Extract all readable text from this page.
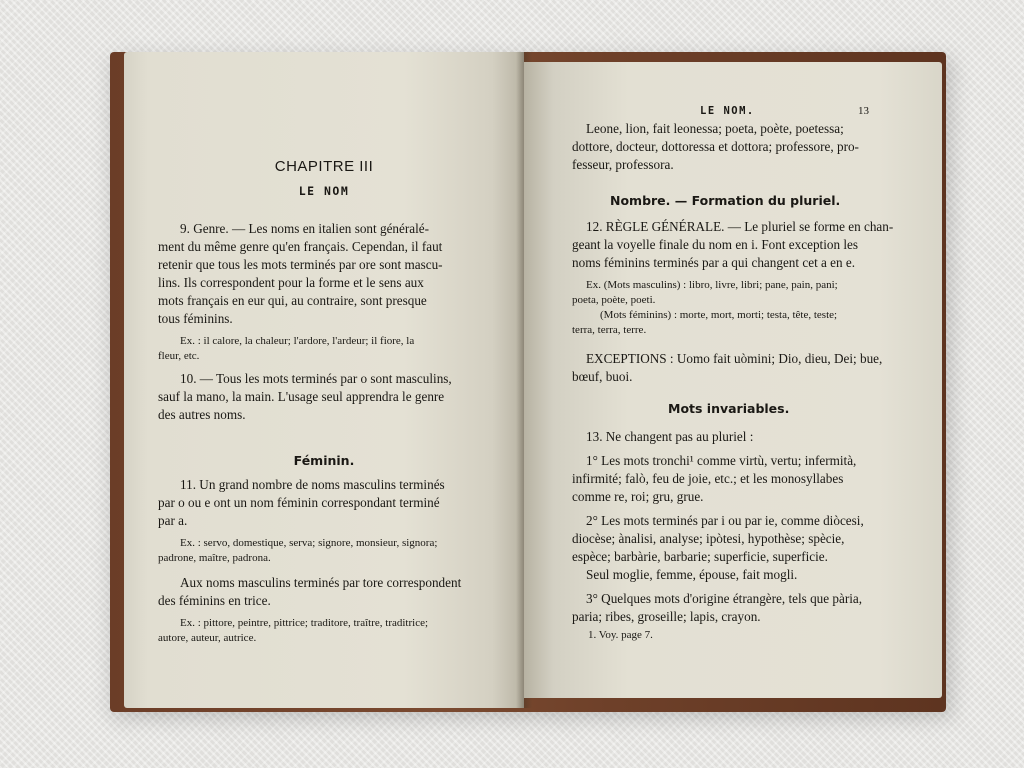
CHAPITRE III
LE NOM
9. Genre. — Les noms en italien sont généralé-
ment du même genre qu'en français. Cependan, il faut
retenir que tous les mots terminés par ore sont mascu-
lins. Ils correspondent pour la forme et le sens aux
mots français en eur qui, au contraire, sont presque
tous féminins.
Ex. : il calore, la chaleur; l'ardore, l'ardeur; il fiore, la
fleur, etc.
10. — Tous les mots terminés par o sont masculins,
sauf la mano, la main. L'usage seul apprendra le genre
des autres noms.
Féminin.
11. Un grand nombre de noms masculins terminés
par o ou e ont un nom féminin correspondant terminé
par a.
Ex. : servo, domestique, serva; signore, monsieur, signora;
padrone, maître, padrona.
Aux noms masculins terminés par tore correspondent
des féminins en trice.
Ex. : pittore, peintre, pittrice; traditore, traître, traditrice;
autore, auteur, autrice.
LE NOM.	13
Leone, lion, fait leonessa; poeta, poète, poetessa;
dottore, docteur, dottoressa et dottora; professore, pro-
fesseur, professora.
Nombre. — Formation du pluriel.
12. RÈGLE GÉNÉRALE. — Le pluriel se forme en chan-
geant la voyelle finale du nom en i. Font exception les
noms féminins terminés par a qui changent cet a en e.
Ex. (Mots masculins) : libro, livre, libri; pane, pain, pani;
poeta, poète, poeti.
(Mots féminins) : morte, mort, morti; testa, tête, teste;
terra, terra, terre.
EXCEPTIONS : Uomo fait uòmini; Dio, dieu, Dei; bue,
bœuf, buoi.
Mots invariables.
13. Ne changent pas au pluriel :
1° Les mots tronchi¹ comme virtù, vertu; infermità,
infirmité; falò, feu de joie, etc.; et les monosyllabes
comme re, roi; gru, grue.
2° Les mots terminés par i ou par ie, comme diòcesi,
diocèse; ànalisi, analyse; ipòtesi, hypothèse; spècie,
espèce; barbàrie, barbarie; superficie, superficie.
Seul moglie, femme, épouse, fait mogli.
3° Quelques mots d'origine étrangère, tels que pària,
paria; ribes, groseille; lapis, crayon.
1. Voy. page 7.
